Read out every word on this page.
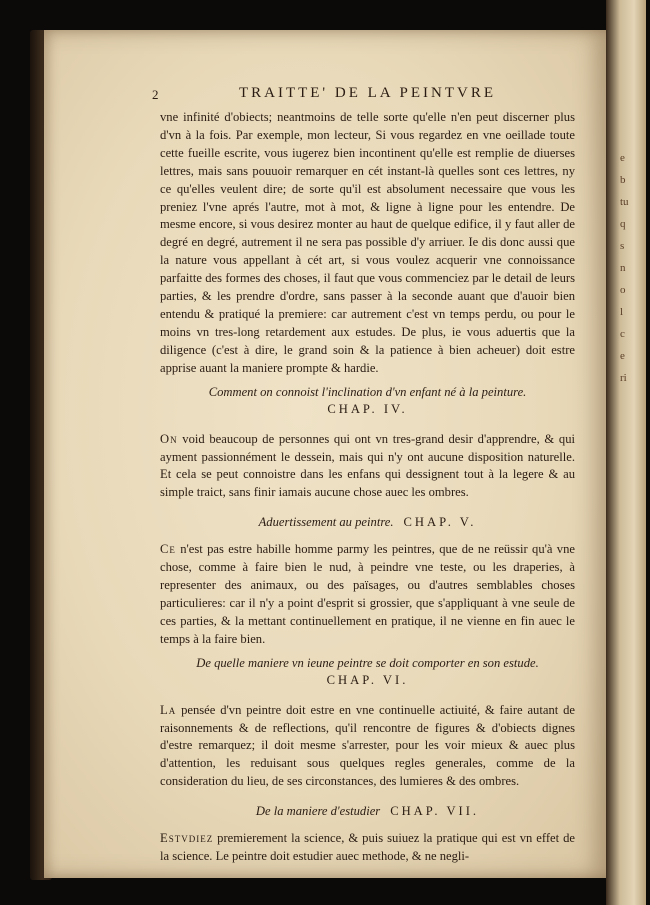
e
b
tu
q
s
n
o
l
c
e
ri
2	TRAITTE' DE LA PEINTVRE

vne infinité d'obiects; neantmoins de telle sorte qu'elle n'en peut discerner plus d'vn à la fois. Par exemple, mon lecteur, Si vous regardez en vne oeillade toute cette fueille escrite, vous iugerez bien incontinent qu'elle est remplie de diuerses lettres, mais sans pouuoir remarquer en cét instant-là quelles sont ces lettres, ny ce qu'elles veulent dire; de sorte qu'il est absolument necessaire que vous les preniez l'vne aprés l'autre, mot à mot, & ligne à ligne pour les entendre. De mesme encore, si vous desirez monter au haut de quelque edifice, il y faut aller de degré en degré, autrement il ne sera pas possible d'y arriuer. Ie dis donc aussi que la nature vous appellant à cét art, si vous voulez acquerir vne connoissance parfaitte des formes des choses, il faut que vous commenciez par le detail de leurs parties, & les prendre d'ordre, sans passer à la seconde auant que d'auoir bien entendu & pratiqué la premiere: car autrement c'est vn temps perdu, ou pour le moins vn tres-long retardement aux estudes. De plus, ie vous aduertis que la diligence (c'est à dire, le grand soin & la patience à bien acheuer) doit estre apprise auant la maniere prompte & hardie.

Comment on connoist l'inclination d'vn enfant né à la peinture.
CHAP. IV.

On void beaucoup de personnes qui ont vn tres-grand desir d'apprendre, & qui ayment passionnément le dessein, mais qui n'y ont aucune disposition naturelle. Et cela se peut connoistre dans les enfans qui dessignent tout à la legere & au simple traict, sans finir iamais aucune chose auec les ombres.

Aduertissement au peintre. CHAP. V.

Ce n'est pas estre habille homme parmy les peintres, que de ne reüssir qu'à vne chose, comme à faire bien le nud, à peindre vne teste, ou les draperies, à representer des animaux, ou des païsages, ou d'autres semblables choses particulieres: car il n'y a point d'esprit si grossier, que s'appliquant à vne seule de ces parties, & la mettant continuellement en pratique, il ne vienne en fin auec le temps à la faire bien.

De quelle maniere vn ieune peintre se doit comporter en son estude.
CHAP. VI.

La pensée d'vn peintre doit estre en vne continuelle actiuité, & faire autant de raisonnements & de reflections, qu'il rencontre de figures & d'obiects dignes d'estre remarquez; il doit mesme s'arrester, pour les voir mieux & auec plus d'attention, les reduisant sous quelques regles generales, comme de la consideration du lieu, de ses circonstances, des lumieres & des ombres.

De la maniere d'estudier CHAP. VII.

Estvdiez premierement la science, & puis suiuez la pratique qui est vn effet de la science. Le peintre doit estudier auec methode, & ne negli-
